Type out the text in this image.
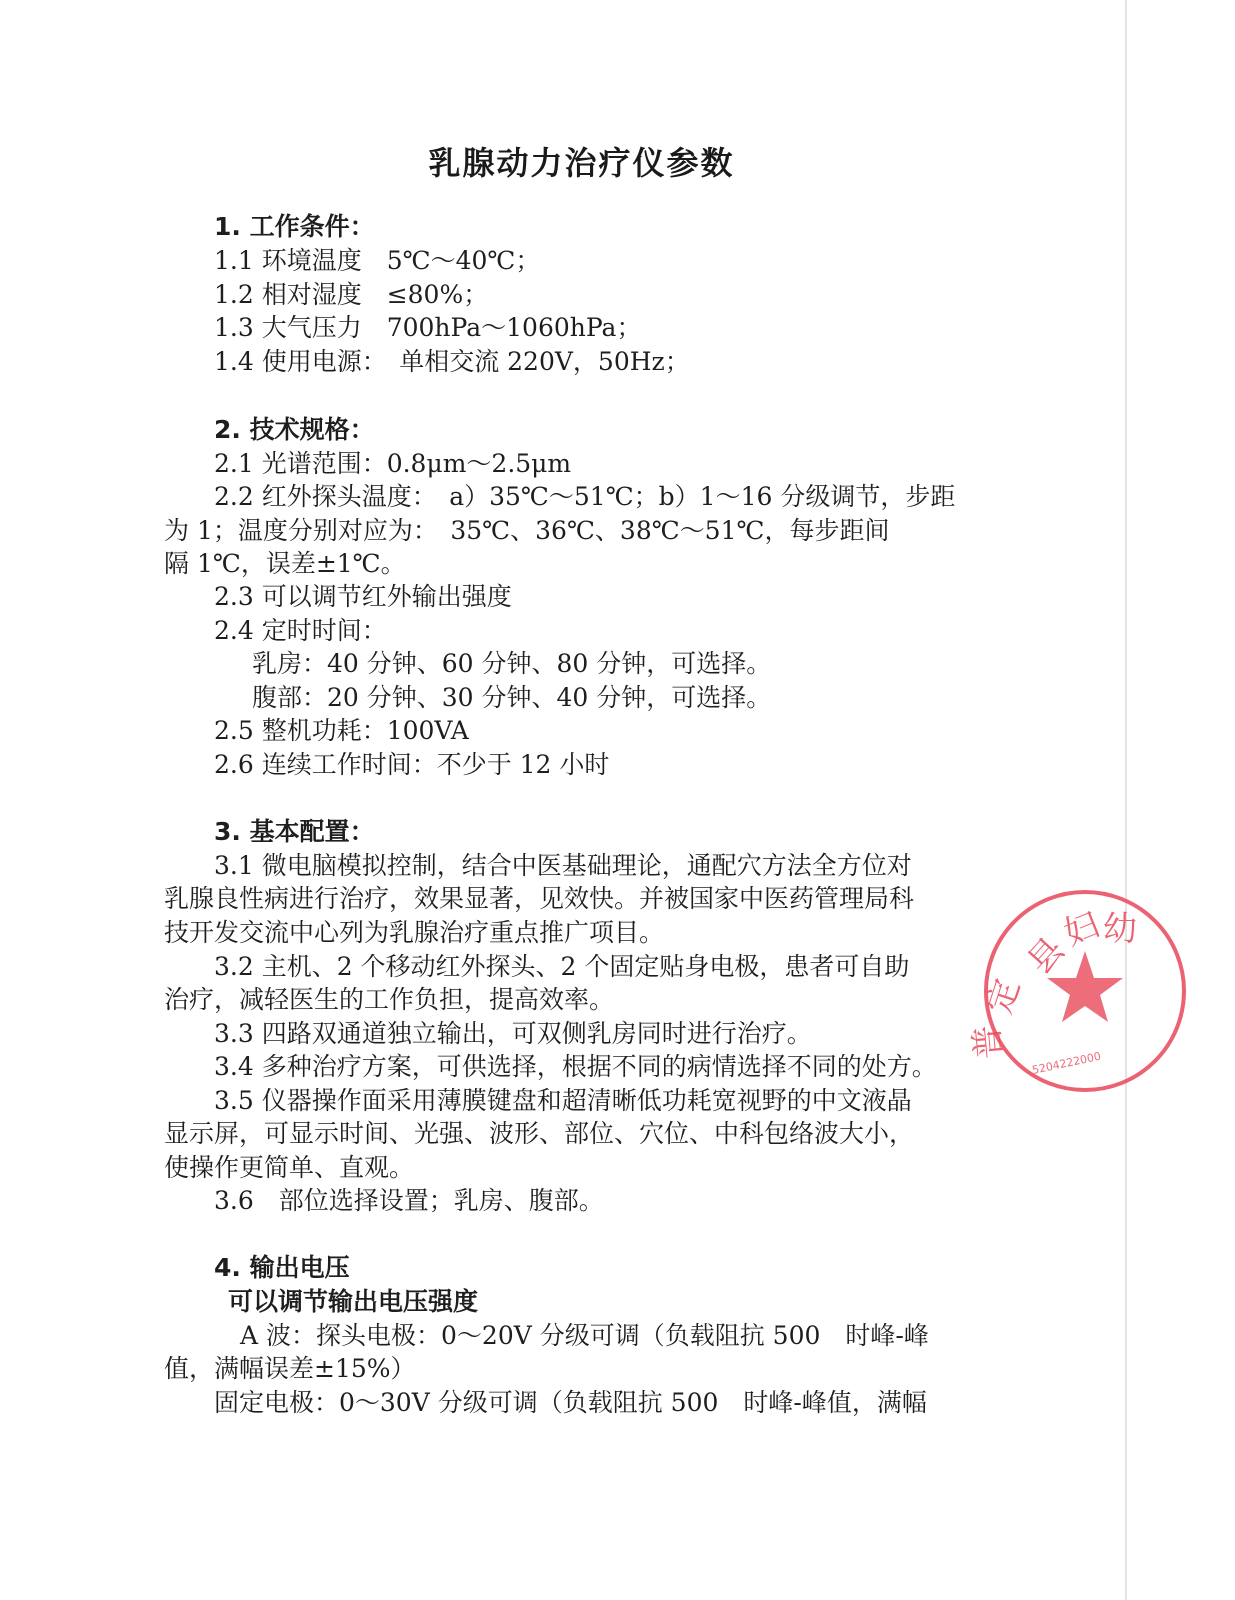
乳腺动力治疗仪参数
1. 工作条件：
1.1 环境温度　5℃～40℃；
1.2 相对湿度　≤80%；
1.3 大气压力　700hPa～1060hPa；
1.4 使用电源：　单相交流 220V，50Hz；
2. 技术规格：
2.1 光谱范围：0.8μm～2.5μm
2.2 红外探头温度：　a）35℃～51℃；b）1～16 分级调节，步距
为 1；温度分别对应为：　35℃、36℃、38℃～51℃，每步距间
隔 1℃，误差±1℃。
2.3 可以调节红外输出强度
2.4 定时时间：
乳房：40 分钟、60 分钟、80 分钟，可选择。
腹部：20 分钟、30 分钟、40 分钟，可选择。
2.5 整机功耗：100VA
2.6 连续工作时间：不少于 12 小时
3. 基本配置：
3.1 微电脑模拟控制，结合中医基础理论，通配穴方法全方位对
乳腺良性病进行治疗，效果显著，见效快。并被国家中医药管理局科
技开发交流中心列为乳腺治疗重点推广项目。
3.2 主机、2 个移动红外探头、2 个固定贴身电极，患者可自助
治疗，减轻医生的工作负担，提高效率。
3.3 四路双通道独立输出，可双侧乳房同时进行治疗。
3.4 多种治疗方案，可供选择，根据不同的病情选择不同的处方。
3.5 仪器操作面采用薄膜键盘和超清晰低功耗宽视野的中文液晶
显示屏，可显示时间、光强、波形、部位、穴位、中科包络波大小，
使操作更简单、直观。
3.6　部位选择设置；乳房、腹部。
4. 输出电压
可以调节输出电压强度
A 波：探头电极：0～20V 分级可调（负载阻抗 500　时峰-峰
值，满幅误差±15%）
固定电极：0～30V 分级可调（负载阻抗 500　时峰-峰值，满幅
县
妇
幼
定
普
5204222000
